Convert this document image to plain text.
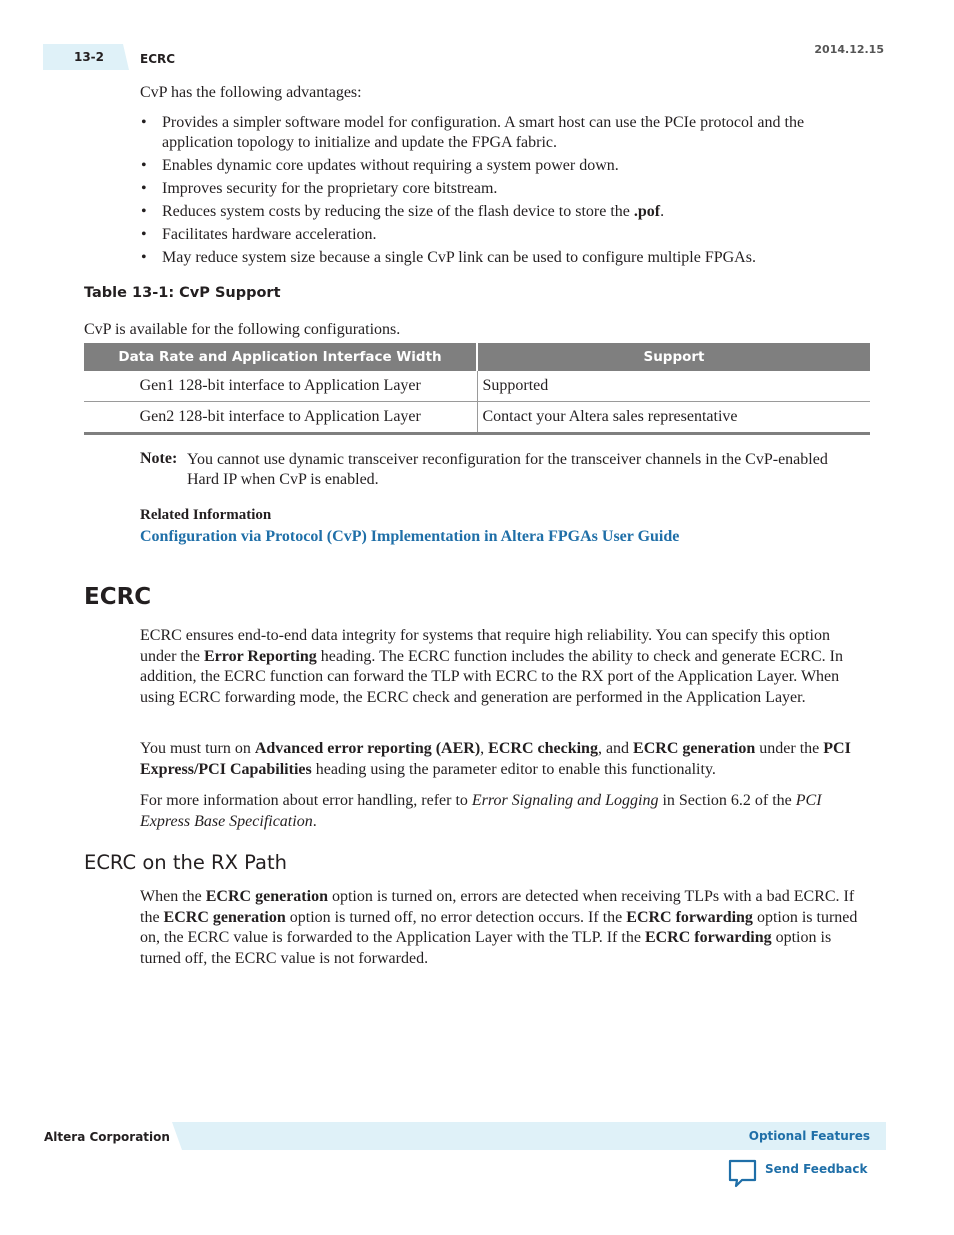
13-2	ECRC
2014.12.15
CvP has the following advantages:
• Provides a simpler software model for configuration. A smart host can use the PCIe protocol and the application topology to initialize and update the FPGA fabric.
• Enables dynamic core updates without requiring a system power down.
• Improves security for the proprietary core bitstream.
• Reduces system costs by reducing the size of the flash device to store the .pof.
• Facilitates hardware acceleration.
• May reduce system size because a single CvP link can be used to configure multiple FPGAs.
Table 13-1: CvP Support
CvP is available for the following configurations.
Data Rate and Application Interface Width	Support
Gen1 128-bit interface to Application Layer	Supported
Gen2 128-bit interface to Application Layer	Contact your Altera sales representative
Note: You cannot use dynamic transceiver reconfiguration for the transceiver channels in the CvP-enabled Hard IP when CvP is enabled.
Related Information
Configuration via Protocol (CvP) Implementation in Altera FPGAs User Guide
ECRC
ECRC ensures end-to-end data integrity for systems that require high reliability. You can specify this option under the Error Reporting heading. The ECRC function includes the ability to check and generate ECRC. In addition, the ECRC function can forward the TLP with ECRC to the RX port of the Application Layer. When using ECRC forwarding mode, the ECRC check and generation are performed in the Application Layer.
You must turn on Advanced error reporting (AER), ECRC checking, and ECRC generation under the PCI Express/PCI Capabilities heading using the parameter editor to enable this functionality.
For more information about error handling, refer to Error Signaling and Logging in Section 6.2 of the PCI Express Base Specification.
ECRC on the RX Path
When the ECRC generation option is turned on, errors are detected when receiving TLPs with a bad ECRC. If the ECRC generation option is turned off, no error detection occurs. If the ECRC forwarding option is turned on, the ECRC value is forwarded to the Application Layer with the TLP. If the ECRC forwarding option is turned off, the ECRC value is not forwarded.
Altera Corporation	Optional Features
Send Feedback
